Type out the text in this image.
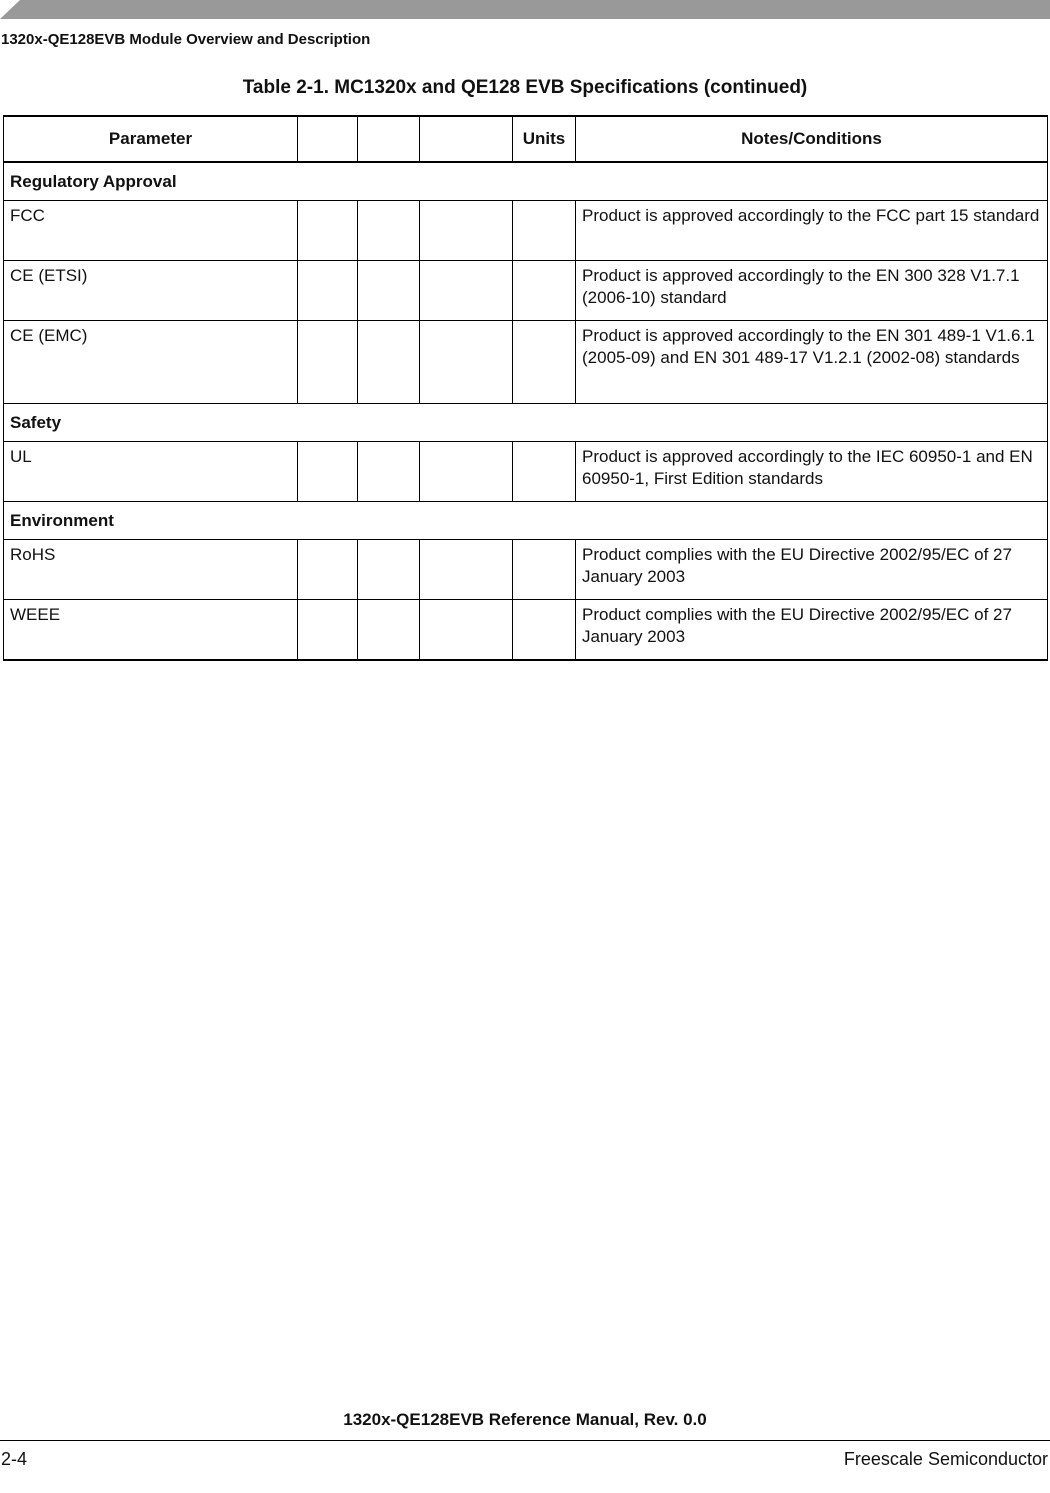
1320x-QE128EVB Module Overview and Description
Table 2-1. MC1320x and QE128 EVB Specifications (continued)
Parameter				Units	Notes/Conditions
Regulatory Approval					
FCC					Product is approved accordingly to the FCC part 15 standard
CE (ETSI)					Product is approved accordingly to the EN 300 328 V1.7.1 (2006-10) standard
CE (EMC)					Product is approved accordingly to the EN 301 489-1 V1.6.1 (2005-09) and EN 301 489-17 V1.2.1 (2002-08) standards
Safety					
UL					Product is approved accordingly to the IEC 60950-1 and EN 60950-1, First Edition standards
Environment					
RoHS					Product complies with the EU Directive 2002/95/EC of 27 January 2003
WEEE					Product complies with the EU Directive 2002/95/EC of 27 January 2003
1320x-QE128EVB Reference Manual, Rev. 0.0
2-4	Freescale Semiconductor
